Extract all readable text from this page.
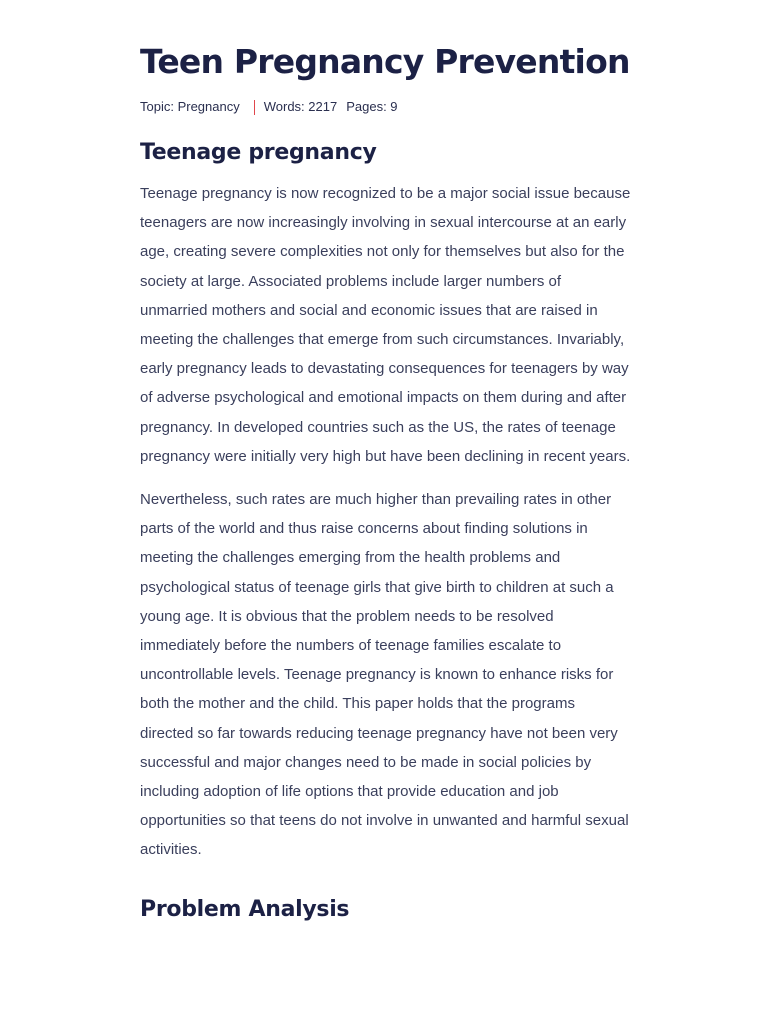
Teen Pregnancy Prevention
Topic: Pregnancy Words: 2217 Pages: 9
Teenage pregnancy

Teenage pregnancy is now recognized to be a major social issue because teenagers are now increasingly involving in sexual intercourse at an early age, creating severe complexities not only for themselves but also for the society at large. Associated problems include larger numbers of unmarried mothers and social and economic issues that are raised in meeting the challenges that emerge from such circumstances. Invariably, early pregnancy leads to devastating consequences for teenagers by way of adverse psychological and emotional impacts on them during and after pregnancy. In developed countries such as the US, the rates of teenage pregnancy were initially very high but have been declining in recent years.

Nevertheless, such rates are much higher than prevailing rates in other parts of the world and thus raise concerns about finding solutions in meeting the challenges emerging from the health problems and psychological status of teenage girls that give birth to children at such a young age. It is obvious that the problem needs to be resolved immediately before the numbers of teenage families escalate to uncontrollable levels. Teenage pregnancy is known to enhance risks for both the mother and the child. This paper holds that the programs directed so far towards reducing teenage pregnancy have not been very successful and major changes need to be made in social policies by including adoption of life options that provide education and job opportunities so that teens do not involve in unwanted and harmful sexual activities.

Problem Analysis
